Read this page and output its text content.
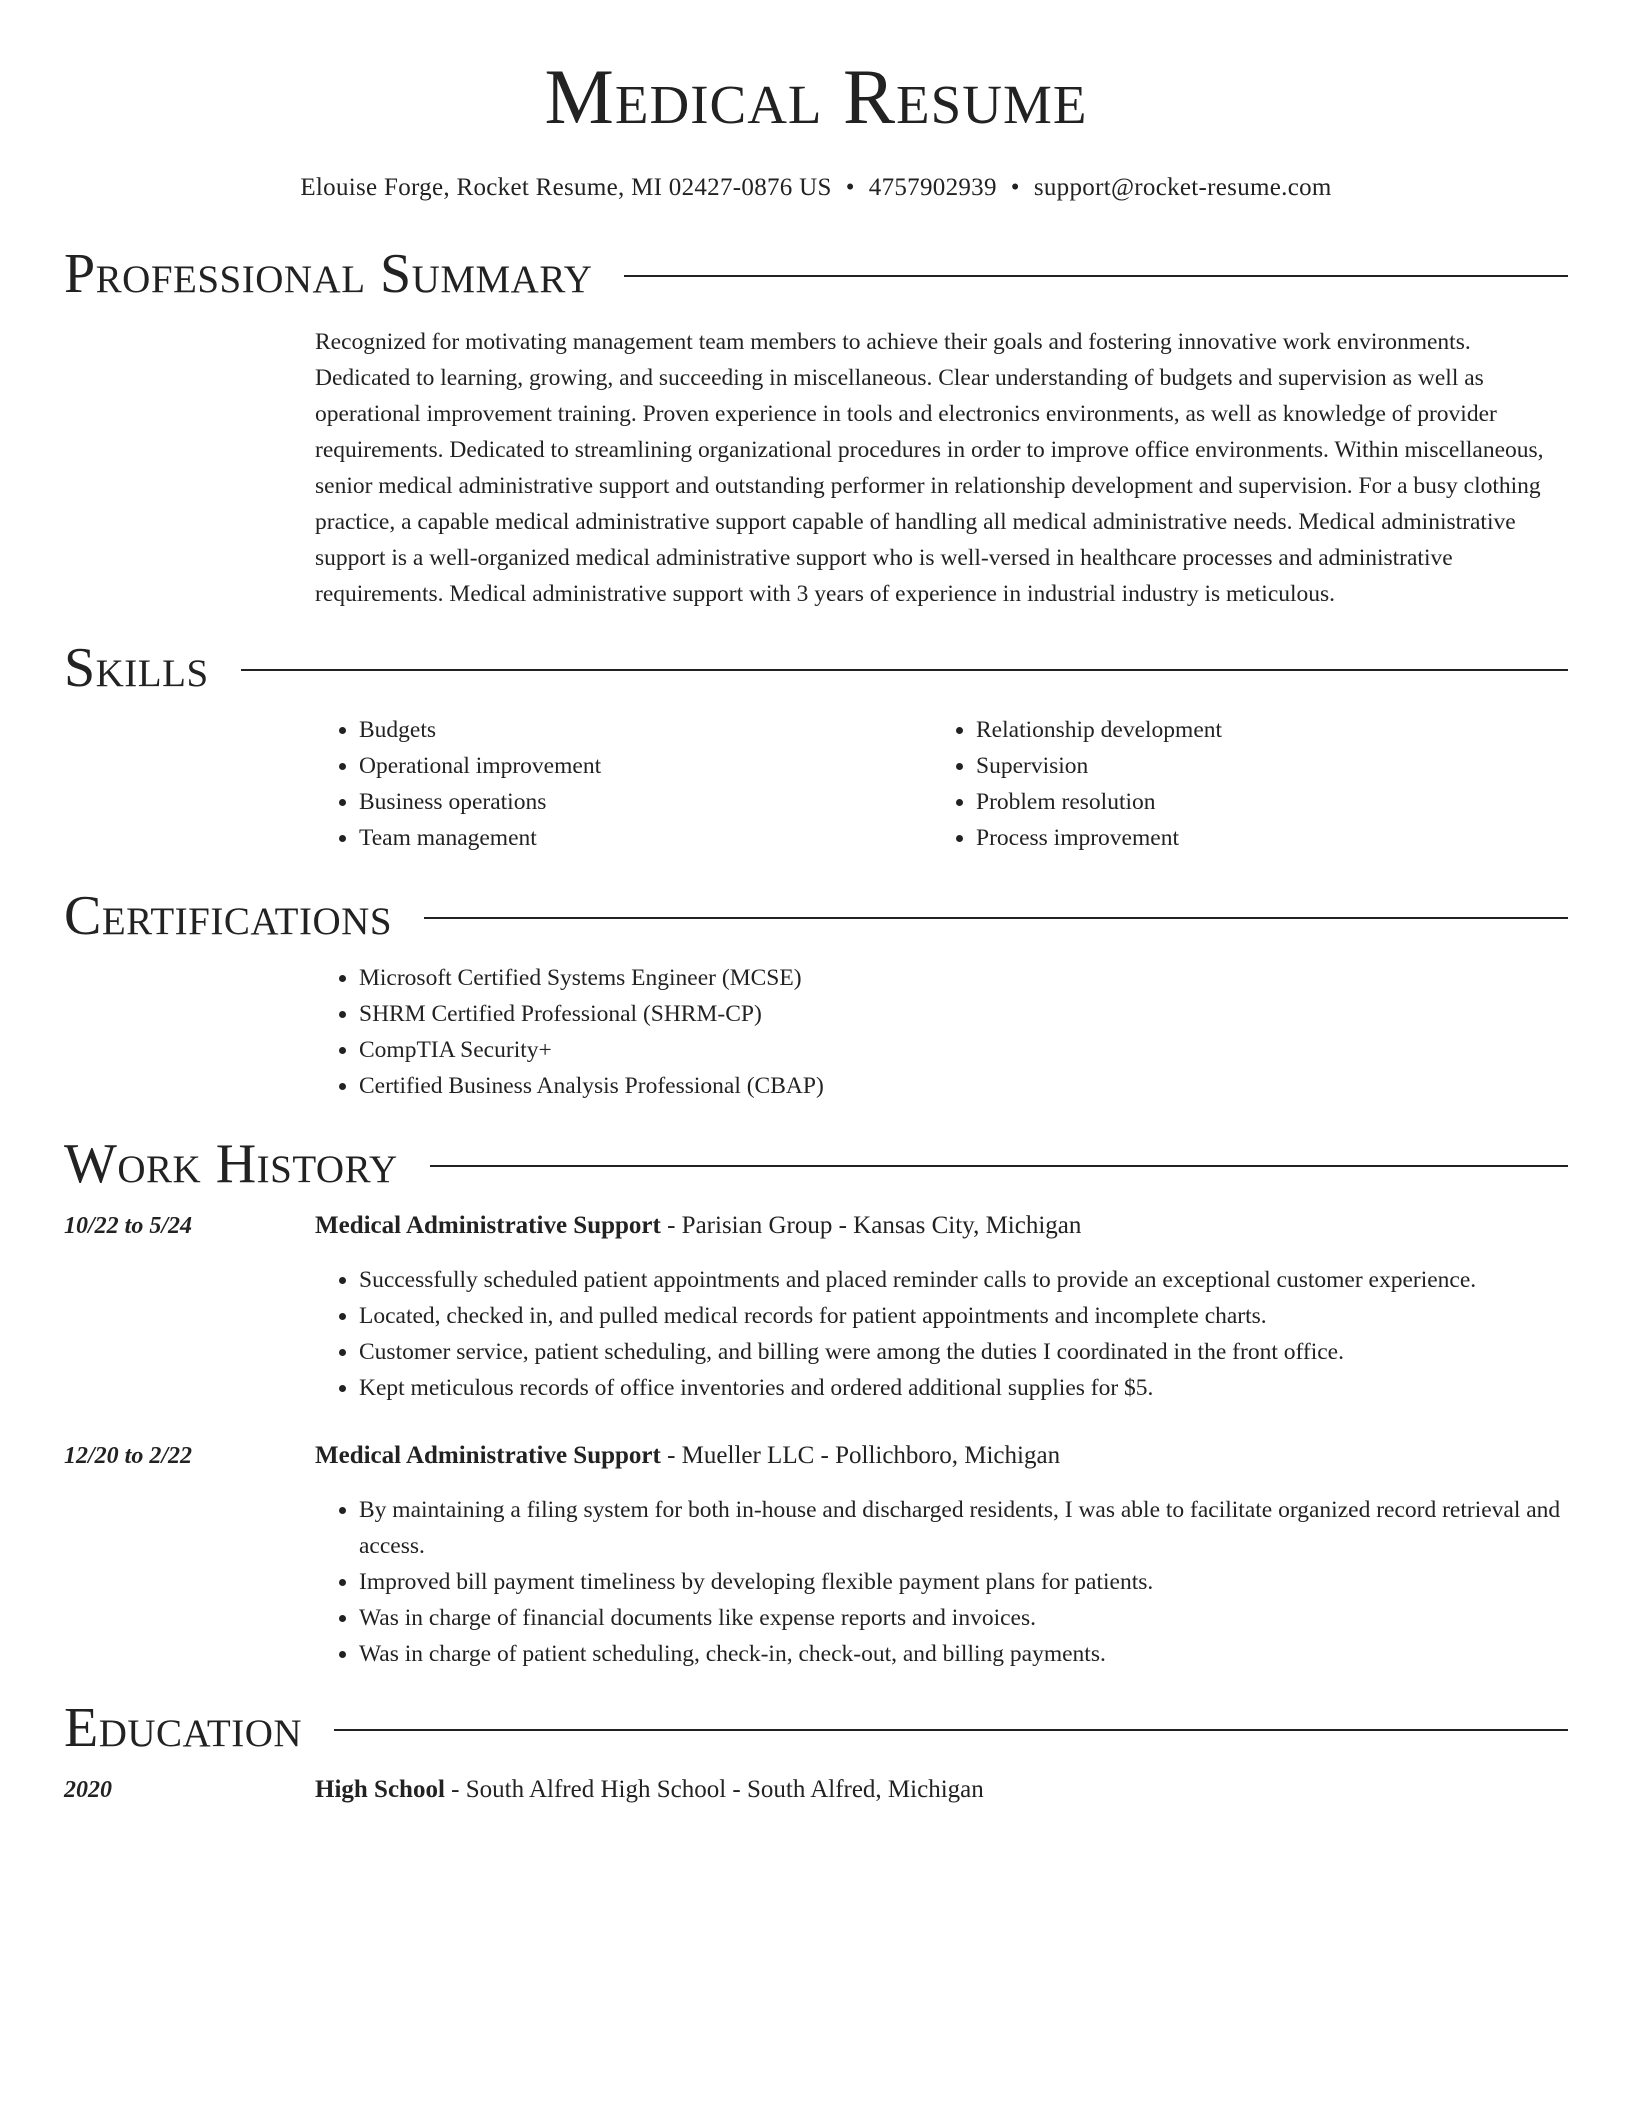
Medical Resume
Elouise Forge, Rocket Resume, MI 02427-0876 US • 4757902939 • support@rocket-resume.com
Professional Summary

Recognized for motivating management team members to achieve their goals and fostering innovative work environments. Dedicated to learning, growing, and succeeding in miscellaneous. Clear understanding of budgets and supervision as well as operational improvement training. Proven experience in tools and electronics environments, as well as knowledge of provider requirements. Dedicated to streamlining organizational procedures in order to improve office environments. Within miscellaneous, senior medical administrative support and outstanding performer in relationship development and supervision. For a busy clothing practice, a capable medical administrative support capable of handling all medical administrative needs. Medical administrative support is a well-organized medical administrative support who is well-versed in healthcare processes and administrative requirements. Medical administrative support with 3 years of experience in industrial industry is meticulous.

Skills
• Budgets
• Operational improvement
• Business operations
• Team management
• Relationship development
• Supervision
• Problem resolution
• Process improvement
Certifications
• Microsoft Certified Systems Engineer (MCSE)
• SHRM Certified Professional (SHRM-CP)
• CompTIA Security+
• Certified Business Analysis Professional (CBAP)
Work History
10/22 to 5/24	Medical Administrative Support - Parisian Group - Kansas City, Michigan
• Successfully scheduled patient appointments and placed reminder calls to provide an exceptional customer experience.
• Located, checked in, and pulled medical records for patient appointments and incomplete charts.
• Customer service, patient scheduling, and billing were among the duties I coordinated in the front office.
• Kept meticulous records of office inventories and ordered additional supplies for $5.
12/20 to 2/22	Medical Administrative Support - Mueller LLC - Pollichboro, Michigan
• By maintaining a filing system for both in-house and discharged residents, I was able to facilitate organized record retrieval and access.
• Improved bill payment timeliness by developing flexible payment plans for patients.
• Was in charge of financial documents like expense reports and invoices.
• Was in charge of patient scheduling, check-in, check-out, and billing payments.
Education
2020	High School - South Alfred High School - South Alfred, Michigan
